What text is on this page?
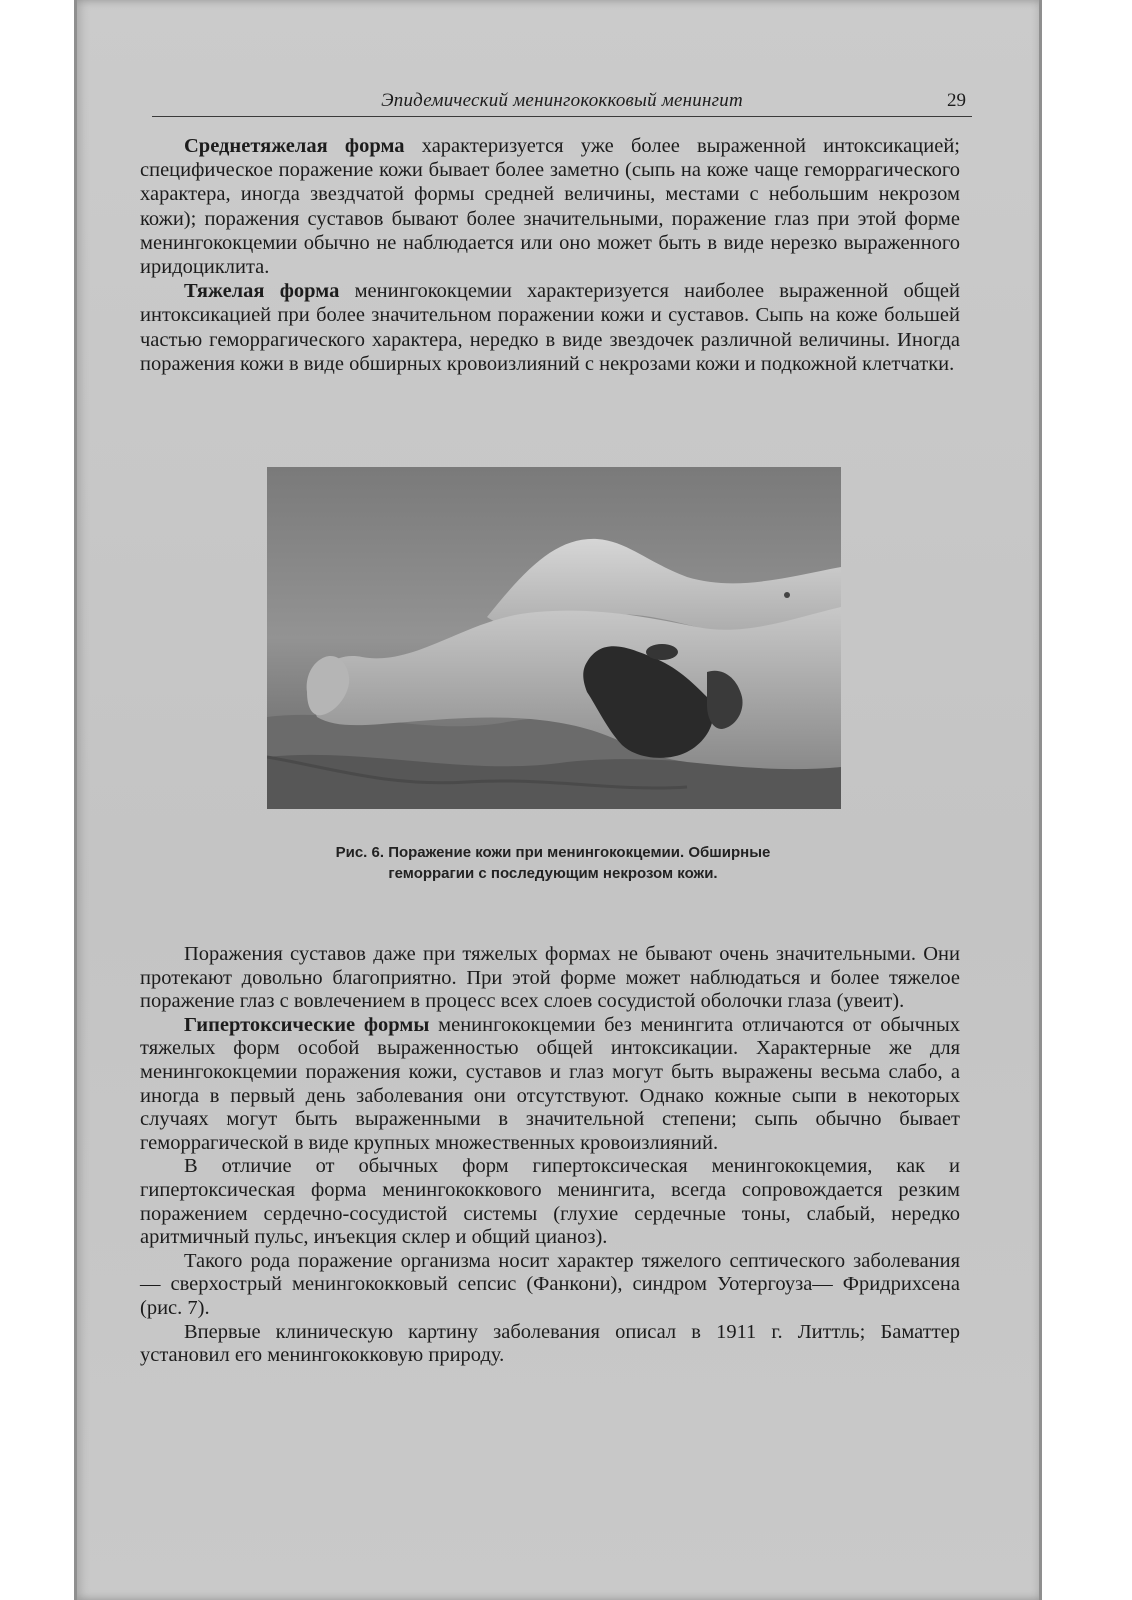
Эпидемический менингококковый менингит	29

Среднетяжелая форма характеризуется уже более выраженной интоксикацией; специфическое поражение кожи бывает более заметно (сыпь на коже чаще геморрагического характера, иногда звездчатой формы средней величины, местами с небольшим некрозом кожи); поражения суставов бывают более значительными, поражение глаз при этой форме менингококцемии обычно не наблюдается или оно может быть в виде нерезко выраженного иридоциклита.

Тяжелая форма менингококцемии характеризуется наиболее выраженной общей интоксикацией при более значительном поражении кожи и суставов. Сыпь на коже большей частью геморрагического характера, нередко в виде звездочек различной величины. Иногда поражения кожи в виде обширных кровоизлияний с некрозами кожи и подкожной клетчатки.

Рис. 6. Поражение кожи при менингококцемии. Обширные
геморрагии с последующим некрозом кожи.

Поражения суставов даже при тяжелых формах не бывают очень значительными. Они протекают довольно благоприятно. При этой форме может наблюдаться и более тяжелое поражение глаз с вовлечением в процесс всех слоев сосудистой оболочки глаза (увеит).

Гипертоксические формы менингококцемии без менингита отличаются от обычных тяжелых форм особой выраженностью общей интоксикации. Характерные же для менингококцемии поражения кожи, суставов и глаз могут быть выражены весьма слабо, а иногда в первый день заболевания они отсутствуют. Однако кожные сыпи в некоторых случаях могут быть выраженными в значительной степени; сыпь обычно бывает геморрагической в виде крупных множественных кровоизлияний.

В отличие от обычных форм гипертоксическая менингококцемия, как и гипертоксическая форма менингококкового менингита, всегда сопровождается резким поражением сердечно-сосудистой системы (глухие сердечные тоны, слабый, нередко аритмичный пульс, инъекция склер и общий цианоз).

Такого рода поражение организма носит характер тяжелого септического заболевания — сверхострый менингококковый сепсис (Фанкони), синдром Уотергоуза— Фридрихсена (рис. 7).

Впервые клиническую картину заболевания описал в 1911 г. Литтль; Баматтер установил его менингококковую природу.
